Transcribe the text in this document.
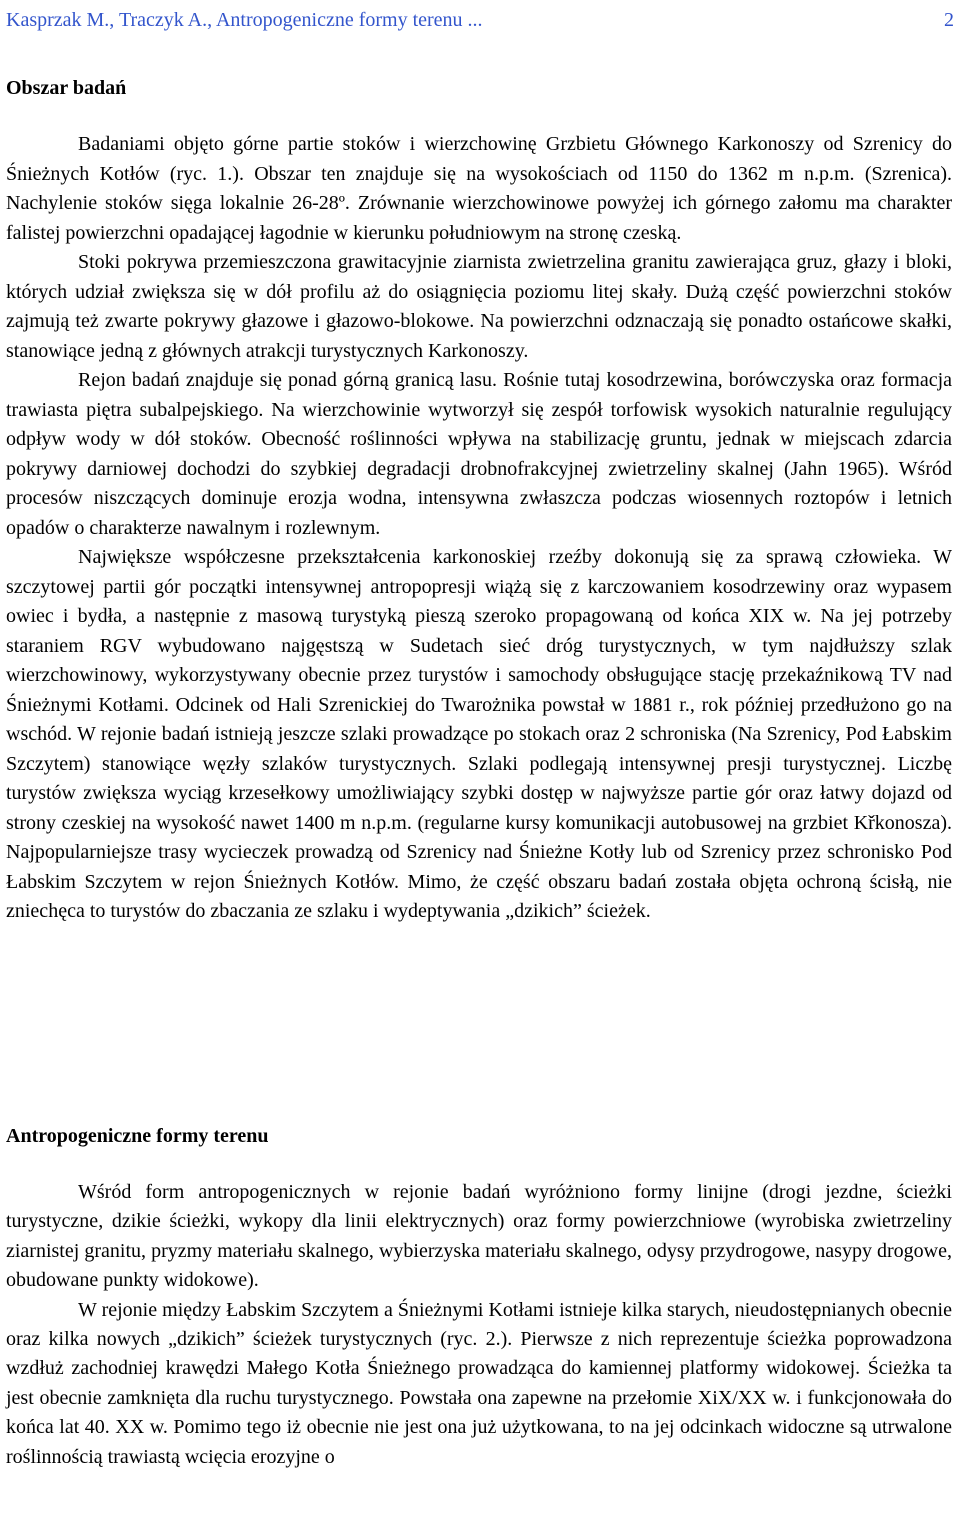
Kasprzak M., Traczyk A., Antropogeniczne formy terenu ...	2
Obszar badań

Badaniami objęto górne partie stoków i wierzchowinę Grzbietu Głównego Karkonoszy od Szrenicy do Śnieżnych Kotłów (ryc. 1.). Obszar ten znajduje się na wysokościach od 1150 do 1362 m n.p.m. (Szrenica). Nachylenie stoków sięga lokalnie 26-28º. Zrównanie wierzchowinowe powyżej ich górnego załomu ma charakter falistej powierzchni opadającej łagodnie w kierunku południowym na stronę czeską.

Stoki pokrywa przemieszczona grawitacyjnie ziarnista zwietrzelina granitu zawierająca gruz, głazy i bloki, których udział zwiększa się w dół profilu aż do osiągnięcia poziomu litej skały. Dużą część powierzchni stoków zajmują też zwarte pokrywy głazowe i głazowo-blokowe. Na powierzchni odznaczają się ponadto ostańcowe skałki, stanowiące jedną z głównych atrakcji turystycznych Karkonoszy.

Rejon badań znajduje się ponad górną granicą lasu. Rośnie tutaj kosodrzewina, borówczyska oraz formacja trawiasta piętra subalpejskiego. Na wierzchowinie wytworzył się zespół torfowisk wysokich naturalnie regulujący odpływ wody w dół stoków. Obecność roślinności wpływa na stabilizację gruntu, jednak w miejscach zdarcia pokrywy darniowej dochodzi do szybkiej degradacji drobnofrakcyjnej zwietrzeliny skalnej (Jahn 1965). Wśród procesów niszczących dominuje erozja wodna, intensywna zwłaszcza podczas wiosennych roztopów i letnich opadów o charakterze nawalnym i rozlewnym.

Największe współczesne przekształcenia karkonoskiej rzeźby dokonują się za sprawą człowieka. W szczytowej partii gór początki intensywnej antropopresji wiążą się z karczowaniem kosodrzewiny oraz wypasem owiec i bydła, a następnie z masową turystyką pieszą szeroko propagowaną od końca XIX w. Na jej potrzeby staraniem RGV wybudowano najgęstszą w Sudetach sieć dróg turystycznych, w tym najdłuższy szlak wierzchowinowy, wykorzystywany obecnie przez turystów i samochody obsługujące stację przekaźnikową TV nad Śnieżnymi Kotłami. Odcinek od Hali Szrenickiej do Twarożnika powstał w 1881 r., rok później przedłużono go na wschód. W rejonie badań istnieją jeszcze szlaki prowadzące po stokach oraz 2 schroniska (Na Szrenicy, Pod Łabskim Szczytem) stanowiące węzły szlaków turystycznych. Szlaki podlegają intensywnej presji turystycznej. Liczbę turystów zwiększa wyciąg krzesełkowy umożliwiający szybki dostęp w najwyższe partie gór oraz łatwy dojazd od strony czeskiej na wysokość nawet 1400 m n.p.m. (regularne kursy komunikacji autobusowej na grzbiet Křkonosza). Najpopularniejsze trasy wycieczek prowadzą od Szrenicy nad Śnieżne Kotły lub od Szrenicy przez schronisko Pod Łabskim Szczytem w rejon Śnieżnych Kotłów. Mimo, że część obszaru badań została objęta ochroną ścisłą, nie zniechęca to turystów do zbaczania ze szlaku i wydeptywania „dzikich” ścieżek.

Antropogeniczne formy terenu

Wśród form antropogenicznych w rejonie badań wyróżniono formy linijne (drogi jezdne, ścieżki turystyczne, dzikie ścieżki, wykopy dla linii elektrycznych) oraz formy powierzchniowe (wyrobiska zwietrzeliny ziarnistej granitu, pryzmy materiału skalnego, wybierzyska materiału skalnego, odysy przydrogowe, nasypy drogowe, obudowane punkty widokowe).

W rejonie między Łabskim Szczytem a Śnieżnymi Kotłami istnieje kilka starych, nieudostępnianych obecnie oraz kilka nowych „dzikich” ścieżek turystycznych (ryc. 2.). Pierwsze z nich reprezentuje ścieżka poprowadzona wzdłuż zachodniej krawędzi Małego Kotła Śnieżnego prowadząca do kamiennej platformy widokowej. Ścieżka ta jest obecnie zamknięta dla ruchu turystycznego. Powstała ona zapewne na przełomie XiX/XX w. i funkcjonowała do końca lat 40. XX w. Pomimo tego iż obecnie nie jest ona już użytkowana, to na jej odcinkach widoczne są utrwalone roślinnością trawiastą wcięcia erozyjne o
